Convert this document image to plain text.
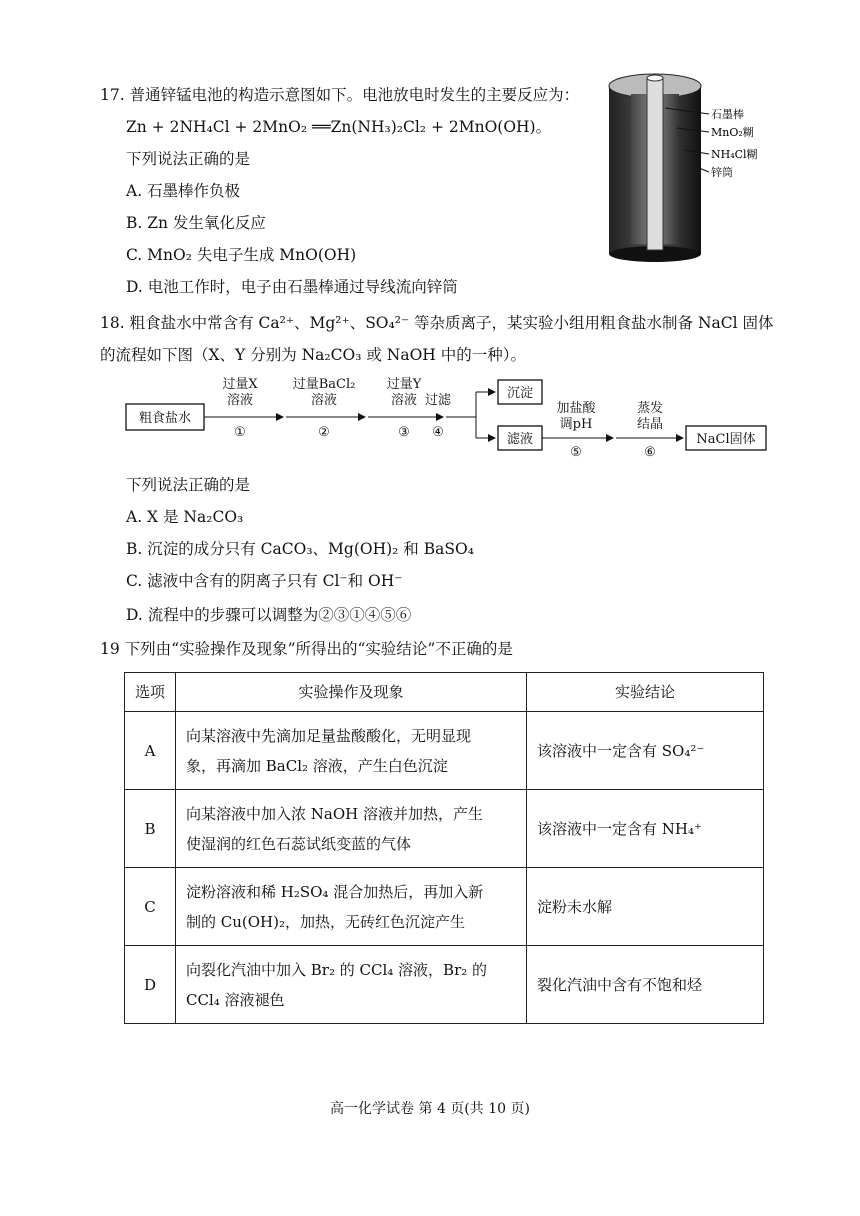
17. 普通锌锰电池的构造示意图如下。电池放电时发生的主要反应为：
Zn + 2NH₄Cl + 2MnO₂ ══Zn(NH₃)₂Cl₂ + 2MnO(OH)。
下列说法正确的是
A. 石墨棒作负极
B. Zn 发生氧化反应
C. MnO₂ 失电子生成 MnO(OH)
D. 电池工作时，电子由石墨棒通过导线流向锌筒
石墨棒
MnO₂糊
NH₄Cl糊
锌筒
18. 粗食盐水中常含有 Ca²⁺、Mg²⁺、SO₄²⁻ 等杂质离子，某实验小组用粗食盐水制备 NaCl 固体
的流程如下图（X、Y 分别为 Na₂CO₃ 或 NaOH 中的一种）。
粗食盐水
过量X
溶液
①
过量BaCl₂
溶液
②
过量Y
溶液
③
过滤
④
沉淀
滤液
加盐酸
调pH
⑤
蒸发
结晶
⑥
NaCl固体
下列说法正确的是
A. X 是 Na₂CO₃
B. 沉淀的成分只有 CaCO₃、Mg(OH)₂ 和 BaSO₄
C. 滤液中含有的阴离子只有 Cl⁻和 OH⁻
D. 流程中的步骤可以调整为②③①④⑤⑥
19 下列由“实验操作及现象”所得出的“实验结论”不正确的是
选项	实验操作及现象	实验结论
A	向某溶液中先滴加足量盐酸酸化，无明显现
象，再滴加 BaCl₂ 溶液，产生白色沉淀	该溶液中一定含有 SO₄²⁻
B	向某溶液中加入浓 NaOH 溶液并加热，产生
使湿润的红色石蕊试纸变蓝的气体	该溶液中一定含有 NH₄⁺
C	淀粉溶液和稀 H₂SO₄ 混合加热后，再加入新
制的 Cu(OH)₂，加热，无砖红色沉淀产生	淀粉未水解
D	向裂化汽油中加入 Br₂ 的 CCl₄ 溶液，Br₂ 的
CCl₄ 溶液褪色	裂化汽油中含有不饱和烃
高一化学试卷 第 4 页(共 10 页)
